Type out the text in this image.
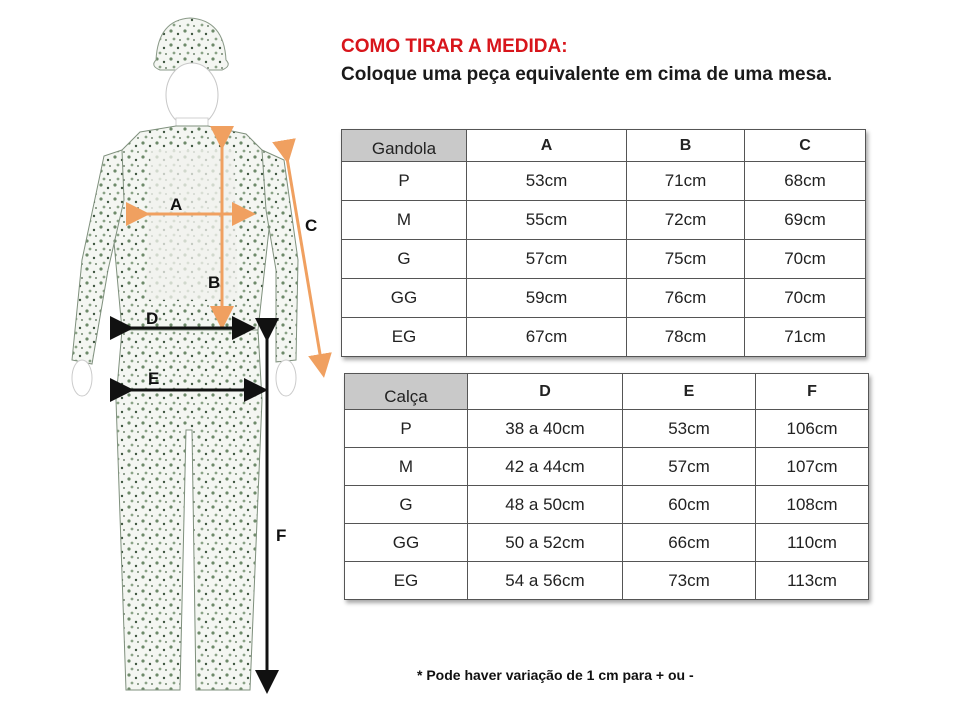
A
B
C
D
E
F
COMO TIRAR A MEDIDA:
Coloque uma peça equivalente em cima de uma mesa.
Gandola	A	B	C
P	53cm	71cm	68cm
M	55cm	72cm	69cm
G	57cm	75cm	70cm
GG	59cm	76cm	70cm
EG	67cm	78cm	71cm
Calça	D	E	F
P	38 a 40cm	53cm	106cm
M	42 a 44cm	57cm	107cm
G	48 a 50cm	60cm	108cm
GG	50 a 52cm	66cm	110cm
EG	54 a 56cm	73cm	113cm
* Pode haver variação de 1 cm para + ou -
